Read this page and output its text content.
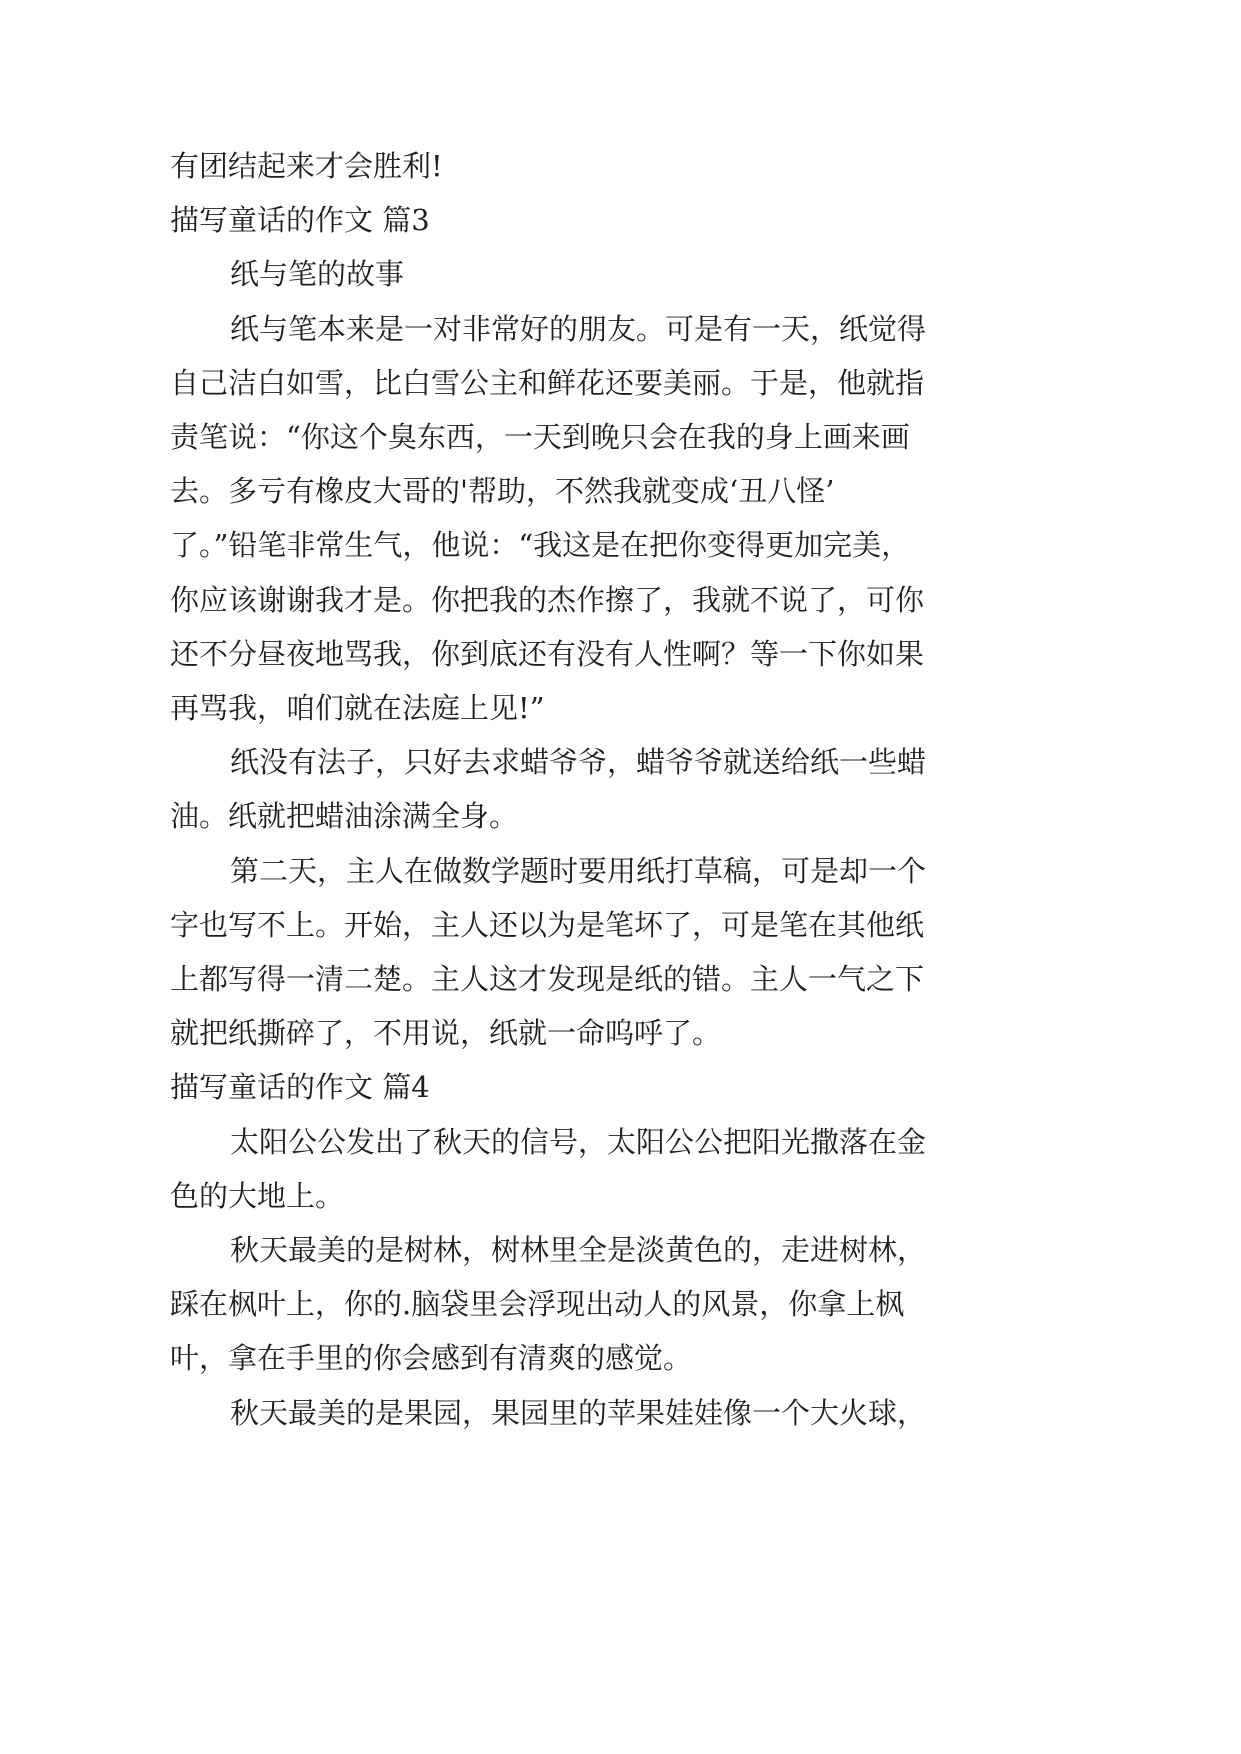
有团结起来才会胜利!

描写童话的作文 篇3

纸与笔的故事

纸与笔本来是一对非常好的朋友。可是有一天，纸觉得

自己洁白如雪，比白雪公主和鲜花还要美丽。于是，他就指

责笔说：“你这个臭东西，一天到晚只会在我的身上画来画

去。多亏有橡皮大哥的'帮助，不然我就变成‘丑八怪’

了。”铅笔非常生气，他说：“我这是在把你变得更加完美，

你应该谢谢我才是。你把我的杰作擦了，我就不说了，可你

还不分昼夜地骂我，你到底还有没有人性啊？等一下你如果

再骂我，咱们就在法庭上见!”

纸没有法子，只好去求蜡爷爷，蜡爷爷就送给纸一些蜡

油。纸就把蜡油涂满全身。

第二天，主人在做数学题时要用纸打草稿，可是却一个

字也写不上。开始，主人还以为是笔坏了，可是笔在其他纸

上都写得一清二楚。主人这才发现是纸的错。主人一气之下

就把纸撕碎了，不用说，纸就一命呜呼了。

描写童话的作文 篇4

太阳公公发出了秋天的信号，太阳公公把阳光撒落在金

色的大地上。

秋天最美的是树林，树林里全是淡黄色的，走进树林，

踩在枫叶上，你的.脑袋里会浮现出动人的风景，你拿上枫

叶，拿在手里的你会感到有清爽的感觉。

秋天最美的是果园，果园里的苹果娃娃像一个大火球，
